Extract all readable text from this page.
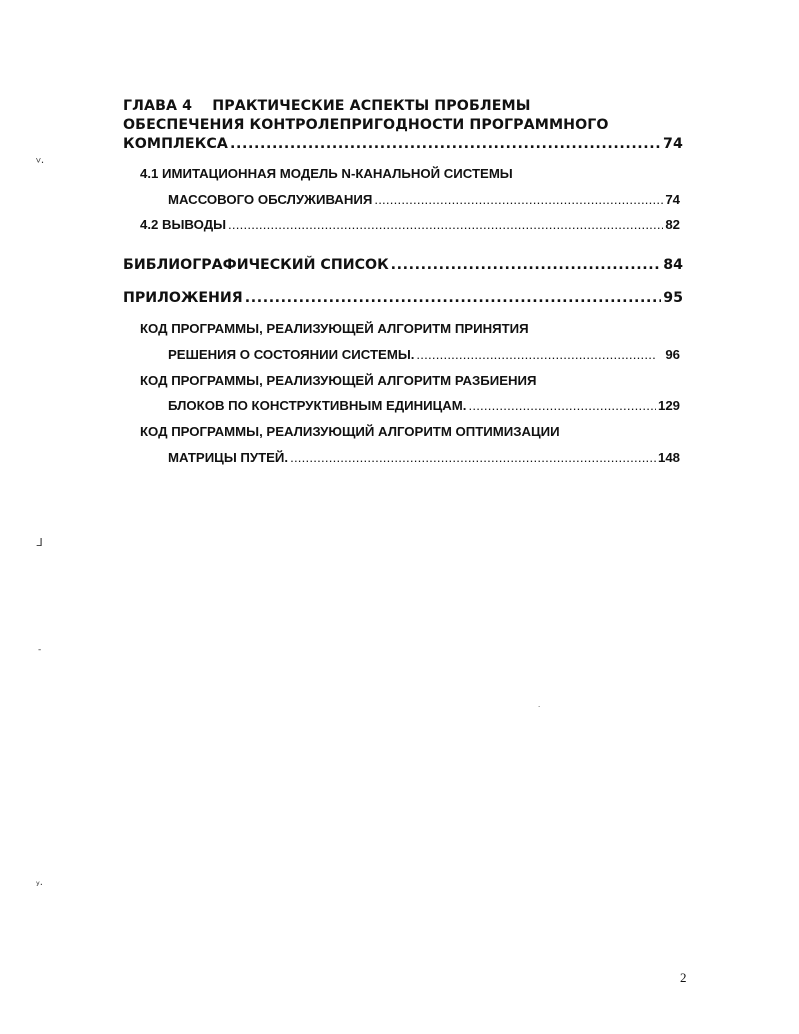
ГЛАВА 4    ПРАКТИЧЕСКИЕ АСПЕКТЫ ПРОБЛЕМЫ
ОБЕСПЕЧЕНИЯ КОНТРОЛЕПРИГОДНОСТИ ПРОГРАММНОГО
КОМПЛЕКСА .....	74
4.1 ИМИТАЦИОННАЯ МОДЕЛЬ N-КАНАЛЬНОЙ СИСТЕМЫ
МАССОВОГО ОБСЛУЖИВАНИЯ .....	74
4.2 ВЫВОДЫ .....	82
БИБЛИОГРАФИЧЕСКИЙ СПИСОК .....	84
ПРИЛОЖЕНИЯ .....	95
КОД ПРОГРАММЫ, РЕАЛИЗУЮЩЕЙ АЛГОРИТМ ПРИНЯТИЯ
РЕШЕНИЯ О СОСТОЯНИИ СИСТЕМЫ. .....	96
КОД ПРОГРАММЫ, РЕАЛИЗУЮЩЕЙ АЛГОРИТМ РАЗБИЕНИЯ
БЛОКОВ ПО КОНСТРУКТИВНЫМ ЕДИНИЦАМ. .....	129
КОД ПРОГРАММЫ, РЕАЛИЗУЮЩИЙ АЛГОРИТМ ОПТИМИЗАЦИИ
МАТРИЦЫ ПУТЕЙ. .....	148
ⱽ·
ᒧ
-
·
ʸ·
2
